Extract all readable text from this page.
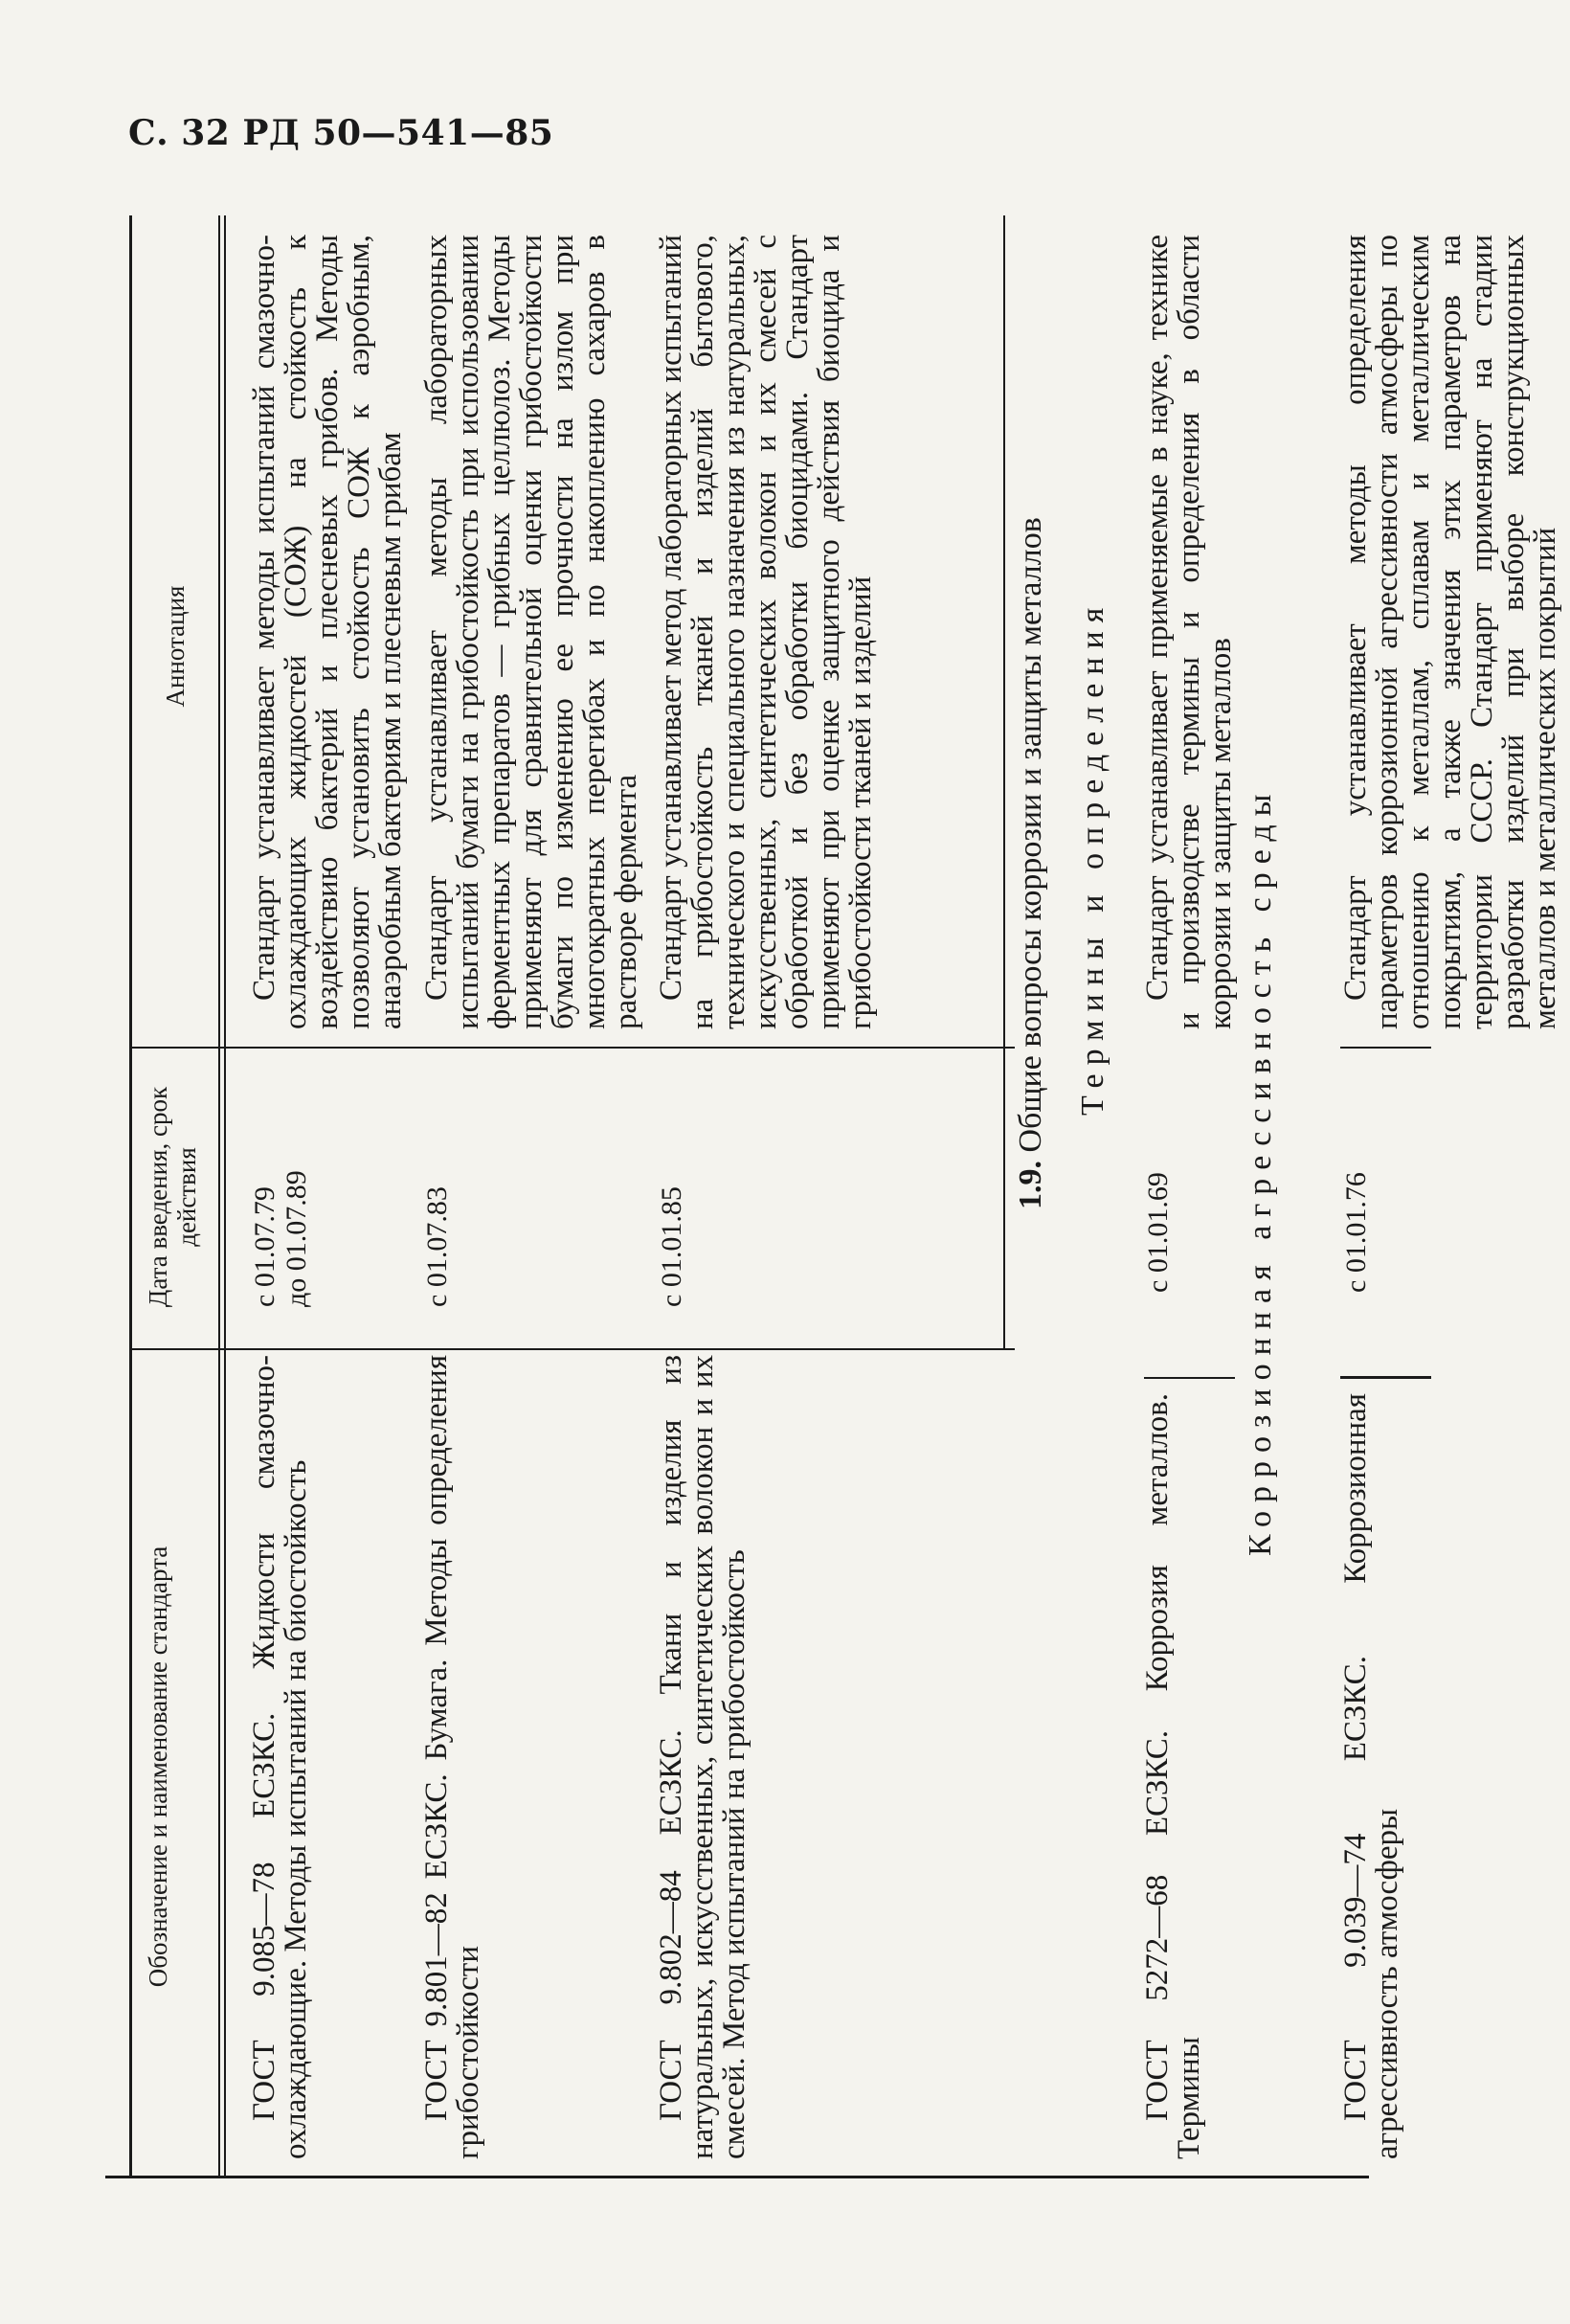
С. 32 РД 50—541—85
Обозначение и наименование стандарта
Дата введения, срок действия
Аннотация
ГОСТ 9.085—78 ЕСЗКС. Жидкости смазочно-охлаждающие. Методы испытаний на биостойкость
с 01.07.79 до 01.07.89
Стандарт устанавливает методы испытаний смазочно-охлаждающих жидкостей (СОЖ) на стойкость к воздействию бактерий и плесневых грибов. Методы позволяют установить стойкость СОЖ к аэробным, анаэробным бактериям и плесневым грибам
ГОСТ 9.801—82 ЕСЗКС. Бумага. Методы определения грибостойкости
с 01.07.83
Стандарт устанавливает методы лабораторных испытаний бумаги на грибостойкость при использовании ферментных препаратов — грибных целлюлоз. Методы применяют для сравнительной оценки грибостойкости бумаги по изменению ее прочности на излом при многократных перегибах и по накоплению сахаров в растворе фермента
ГОСТ 9.802—84 ЕСЗКС. Ткани и изделия из натуральных, искусственных, синтетических волокон и их смесей. Метод испытаний на грибостойкость
с 01.01.85
Стандарт устанавливает метод лабораторных испытаний на грибостойкость тканей и изделий бытового, технического и специального назначения из натуральных, искусственных, синтетических волокон и их смесей с обработкой и без обработки биоцидами. Стандарт применяют при оценке защитного действия биоцида и грибостойкости тканей и изделий
1.9. Общие вопросы коррозии и защиты металлов Термины и определения
ГОСТ 5272—68 ЕСЗКС. Коррозия металлов. Термины
с 01.01.69
Стандарт устанавливает применяемые в науке, технике и производстве термины и определения в области коррозии и защиты металлов Коррозионная агрессивность среды
ГОСТ 9.039—74 ЕСЗКС. Коррозионная агрессивность атмосферы
с 01.01.76
Стандарт устанавливает методы определения параметров коррозионной агрессивности атмосферы по отношению к металлам, сплавам и металлическим покрытиям, а также значения этих параметров на территории СССР. Стандарт применяют на стадии разработки изделий при выборе конструкционных металлов и металлических покрытий
